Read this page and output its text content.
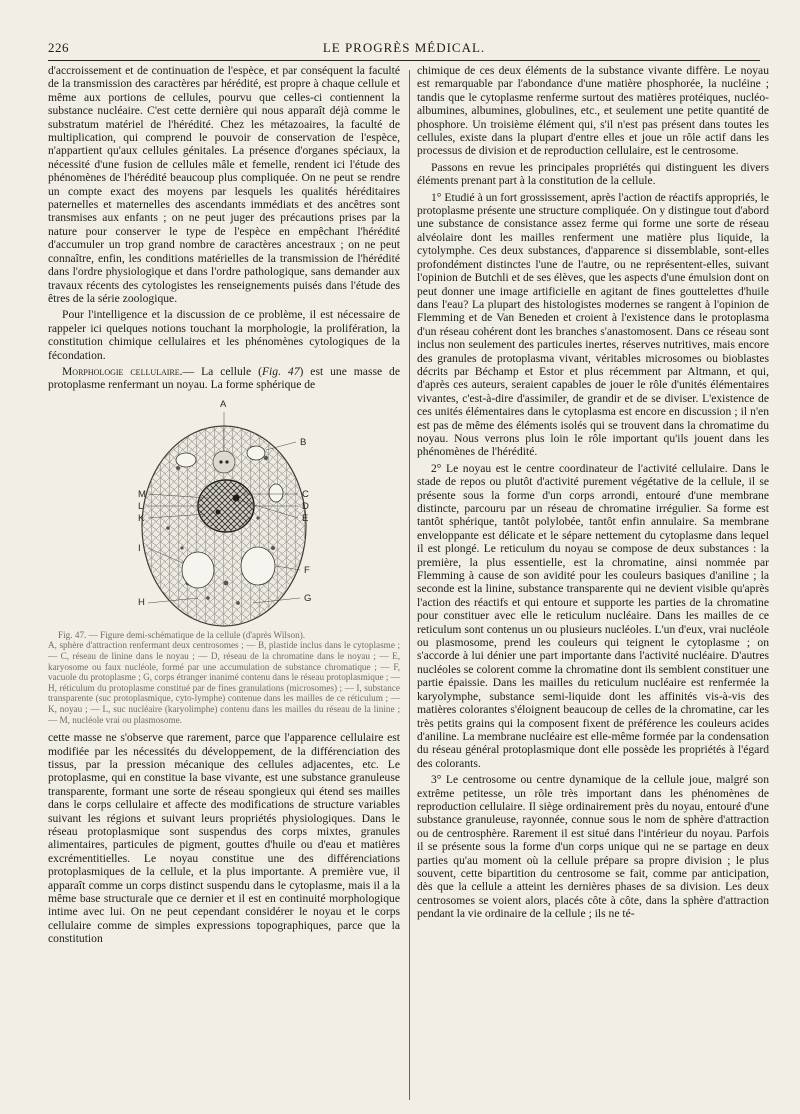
226	LE PROGRÈS MÉDICAL.

d'accroissement et de continuation de l'espèce, et par conséquent la faculté de la transmission des caractères par hérédité, est propre à chaque cellule et même aux portions de cellules, pourvu que celles-ci contiennent la substance nucléaire. C'est cette dernière qui nous apparaît déjà comme le substratum matériel de l'hérédité. Chez les métazoaires, la faculté de multiplication, qui comprend le pouvoir de conservation de l'espèce, n'appartient qu'aux cellules génitales. La présence d'organes spéciaux, la nécessité d'une fusion de cellules mâle et femelle, rendent ici l'étude des phénomènes de l'hérédité beaucoup plus compliquée. On ne peut se rendre un compte exact des moyens par lesquels les qualités héréditaires paternelles et maternelles des ascendants immédiats et des ancêtres sont transmises aux enfants ; on ne peut juger des précautions prises par la nature pour conserver le type de l'espèce en empêchant l'hérédité d'accumuler un trop grand nombre de caractères ancestraux ; on ne peut connaître, enfin, les conditions matérielles de la transmission de l'hérédité dans l'ordre physiologique et dans l'ordre pathologique, sans demander aux travaux récents des cytologistes les renseignements puisés dans l'étude des êtres de la série zoologique.

Pour l'intelligence et la discussion de ce problème, il est nécessaire de rappeler ici quelques notions touchant la morphologie, la prolifération, la constitution chimique cellulaires et les phénomènes cytologiques de la fécondation.

Morphologie cellulaire.— La cellule (Fig. 47) est une masse de protoplasme renfermant un noyau. La forme sphérique de

A
B
C
D
E
F
G
H
I
K
L
M
Fig. 47. — Figure demi-schématique de la cellule (d'après Wilson).
A, sphère d'attraction renfermant deux centrosomes ; — B, plastide inclus dans le cytoplasme ; — C, réseau de linine dans le noyau ; — D, réseau de la chromatine dans le noyau ; — E, karyosome ou faux nucléole, formé par une accumulation de substance chromatique ; — F, vacuole du protoplasme ; G, corps étranger inanimé contenu dans le réseau protoplasmique ; — H, réticulum du protoplasme constitué par de fines granulations (microsomes) ; — I, substance transparente (suc protoplasmique, cyto-lymphe) contenue dans les mailles de ce réticulum ; — K, noyau ; — L, suc nucléaire (karyolimphe) contenu dans les mailles du réseau de la linine ; — M, nucléole vrai ou plasmosome.

cette masse ne s'observe que rarement, parce que l'apparence cellulaire est modifiée par les nécessités du développement, de la différenciation des tissus, par la pression mécanique des cellules adjacentes, etc. Le protoplasme, qui en constitue la base vivante, est une substance granuleuse transparente, formant une sorte de réseau spongieux qui étend ses mailles dans le corps cellulaire et affecte des modifications de structure variables suivant les régions et suivant leurs propriétés physiologiques. Dans le réseau protoplasmique sont suspendus des corps mixtes, granules alimentaires, particules de pigment, gouttes d'huile ou d'eau et matières excrémentitielles. Le noyau constitue une des différenciations protoplasmiques de la cellule, et la plus importante. A première vue, il apparaît comme un corps distinct suspendu dans le cytoplasme, mais il a la même base structurale que ce dernier et il est en continuité morphologique intime avec lui. On ne peut cependant considérer le noyau et le corps cellulaire comme de simples expressions topographiques, parce que la constitution

chimique de ces deux éléments de la substance vivante diffère. Le noyau est remarquable par l'abondance d'une matière phosphorée, la nucléine ; tandis que le cytoplasme renferme surtout des matières protéiques, nucléo-albumines, albumines, globulines, etc., et seulement une petite quantité de phosphore. Un troisième élément qui, s'il n'est pas présent dans toutes les cellules, existe dans la plupart d'entre elles et joue un rôle actif dans les processus de division et de reproduction cellulaire, est le centrosome.

Passons en revue les principales propriétés qui distinguent les divers éléments prenant part à la constitution de la cellule.

1° Etudié à un fort grossissement, après l'action de réactifs appropriés, le protoplasme présente une structure compliquée. On y distingue tout d'abord une substance de consistance assez ferme qui forme une sorte de réseau alvéolaire dont les mailles renferment une matière plus liquide, la cytolymphe. Ces deux substances, d'apparence si dissemblable, sont-elles profondément distinctes l'une de l'autre, ou ne représentent-elles, suivant l'opinion de Butchli et de ses élèves, que les aspects d'une émulsion dont on peut donner une image artificielle en agitant de fines gouttelettes d'huile dans l'eau? La plupart des histologistes modernes se rangent à l'opinion de Flemming et de Van Beneden et croient à l'existence dans le protoplasma d'un réseau cohérent dont les branches s'anastomosent. Dans ce réseau sont inclus non seulement des particules inertes, réserves nutritives, mais encore des granules de protoplasma vivant, véritables microsomes ou bioblastes décrits par Béchamp et Estor et plus récemment par Altmann, et qui, d'après ces auteurs, seraient capables de jouer le rôle d'unités élémentaires vivantes, c'est-à-dire d'assimiler, de grandir et de se diviser. L'existence de ces unités élémentaires dans le cytoplasma est encore en discussion ; il n'en est pas de même des éléments isolés qui se trouvent dans la chromatime du noyau. Nous verrons plus loin le rôle important qu'ils jouent dans les phénomènes de l'hérédité.

2° Le noyau est le centre coordinateur de l'activité cellulaire. Dans le stade de repos ou plutôt d'activité purement végétative de la cellule, il se présente sous la forme d'un corps arrondi, entouré d'une membrane distincte, parcouru par un réseau de chromatine irrégulier. Sa forme est tantôt sphérique, tantôt polylobée, tantôt enfin annulaire. Sa membrane enveloppante est délicate et le sépare nettement du cytoplasme dans lequel il est plongé. Le reticulum du noyau se compose de deux substances : la première, la plus essentielle, est la chromatine, ainsi nommée par Flemming à cause de son avidité pour les couleurs basiques d'aniline ; la seconde est la linine, substance transparente qui ne devient visible qu'après l'action des réactifs et qui entoure et supporte les parties de la chromatine pour constituer avec elle le reticulum nucléaire. Dans les mailles de ce reticulum sont contenus un ou plusieurs nucléoles. L'un d'eux, vrai nucléole ou plasmosome, prend les couleurs qui teignent le cytoplasme ; on s'accorde à lui dénier une part importante dans l'activité nucléaire. D'autres nucléoles se colorent comme la chromatine dont ils semblent constituer une partie épaissie. Dans les mailles du reticulum nucléaire est renfermée la karyolymphe, substance semi-liquide dont les affinités vis-à-vis des matières colorantes s'éloignent beaucoup de celles de la chromatine, car les très petits grains qui la composent fixent de préférence les couleurs acides d'aniline. La membrane nucléaire est elle-même formée par la condensation du réseau général protoplasmique dont elle possède les propriétés à l'égard des colorants.

3° Le centrosome ou centre dynamique de la cellule joue, malgré son extrême petitesse, un rôle très important dans les phénomènes de reproduction cellulaire. Il siège ordinairement près du noyau, entouré d'une substance granuleuse, rayonnée, connue sous le nom de sphère d'attraction ou de centrosphère. Rarement il est situé dans l'intérieur du noyau. Parfois il se présente sous la forme d'un corps unique qui ne se partage en deux parties qu'au moment où la cellule prépare sa propre division ; le plus souvent, cette bipartition du centrosome se fait, comme par anticipation, dès que la cellule a atteint les dernières phases de sa division. Les deux centrosomes se voient alors, placés côte à côte, dans la sphère d'attraction pendant la vie ordinaire de la cellule ; ils ne té-
